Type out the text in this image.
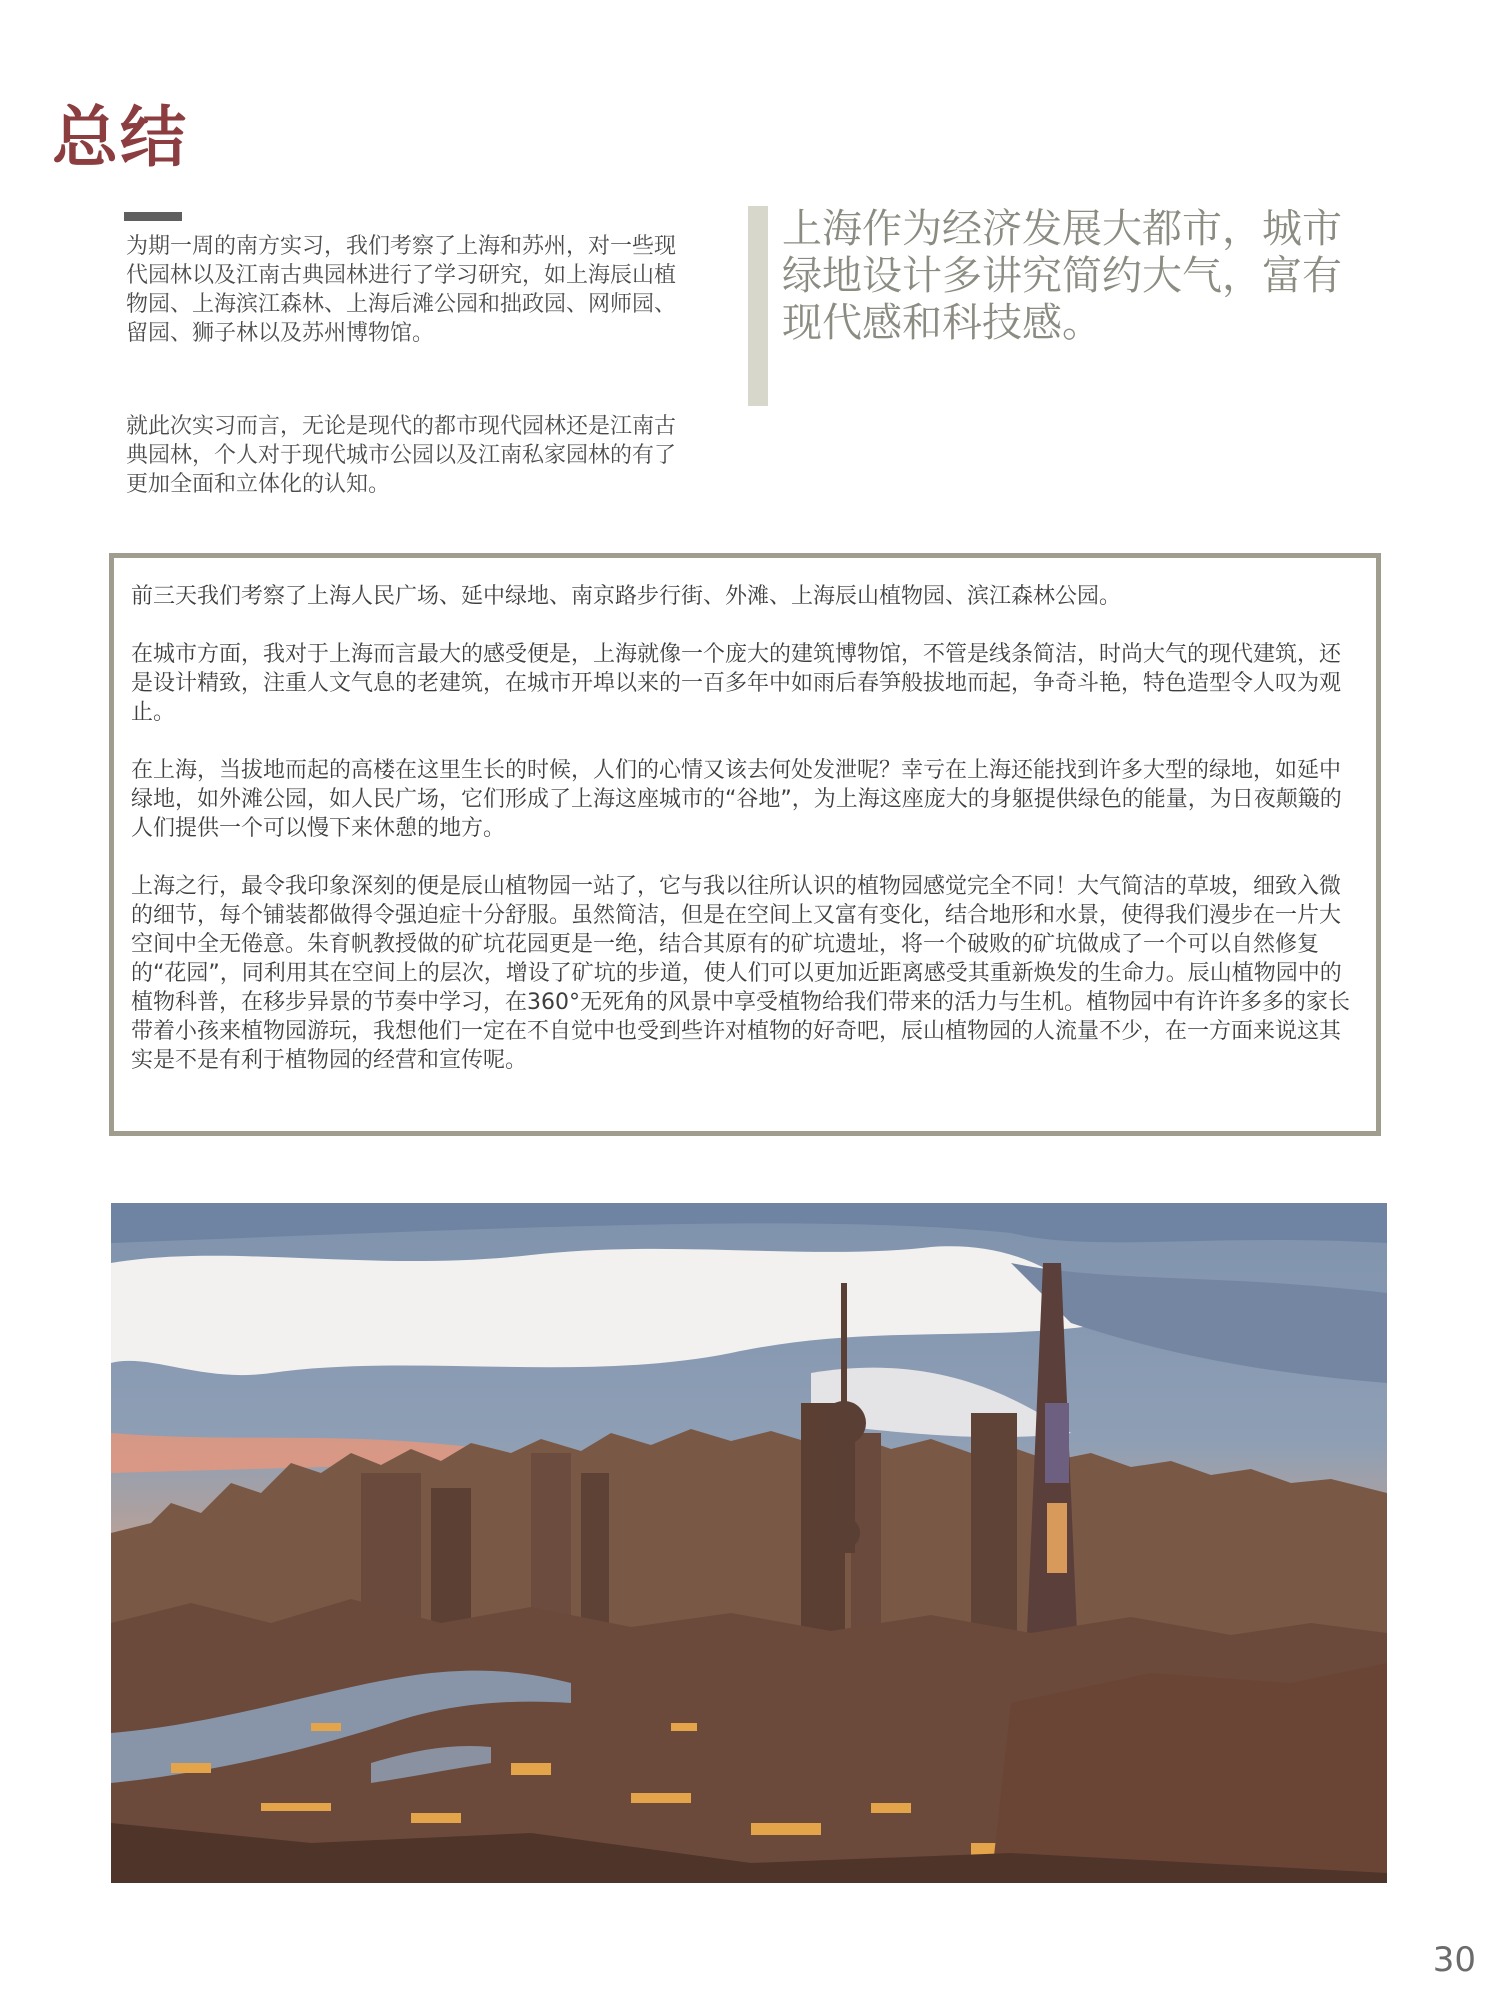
总结

为期一周的南方实习，我们考察了上海和苏州，对一些现代园林以及江南古典园林进行了学习研究，如上海辰山植物园、上海滨江森林、上海后滩公园和拙政园、网师园、留园、狮子林以及苏州博物馆。

就此次实习而言，无论是现代的都市现代园林还是江南古典园林，个人对于现代城市公园以及江南私家园林的有了更加全面和立体化的认知。

上海作为经济发展大都市，城市绿地设计多讲究简约大气，富有现代感和科技感。

前三天我们考察了上海人民广场、延中绿地、南京路步行街、外滩、上海辰山植物园、滨江森林公园。

在城市方面，我对于上海而言最大的感受便是，上海就像一个庞大的建筑博物馆，不管是线条简洁，时尚大气的现代建筑，还是设计精致，注重人文气息的老建筑，在城市开埠以来的一百多年中如雨后春笋般拔地而起，争奇斗艳，特色造型令人叹为观止。

在上海，当拔地而起的高楼在这里生长的时候，人们的心情又该去何处发泄呢？幸亏在上海还能找到许多大型的绿地，如延中绿地，如外滩公园，如人民广场，它们形成了上海这座城市的“谷地”，为上海这座庞大的身躯提供绿色的能量，为日夜颠簸的人们提供一个可以慢下来休憩的地方。

上海之行，最令我印象深刻的便是辰山植物园一站了，它与我以往所认识的植物园感觉完全不同！大气简洁的草坡，细致入微的细节，每个铺装都做得令强迫症十分舒服。虽然简洁，但是在空间上又富有变化，结合地形和水景，使得我们漫步在一片大空间中全无倦意。朱育帆教授做的矿坑花园更是一绝，结合其原有的矿坑遗址，将一个破败的矿坑做成了一个可以自然修复的“花园”，同利用其在空间上的层次，增设了矿坑的步道，使人们可以更加近距离感受其重新焕发的生命力。辰山植物园中的植物科普，在移步异景的节奏中学习，在360°无死角的风景中享受植物给我们带来的活力与生机。植物园中有许许多多的家长带着小孩来植物园游玩，我想他们一定在不自觉中也受到些许对植物的好奇吧，辰山植物园的人流量不少，在一方面来说这其实是不是有利于植物园的经营和宣传呢。

30
